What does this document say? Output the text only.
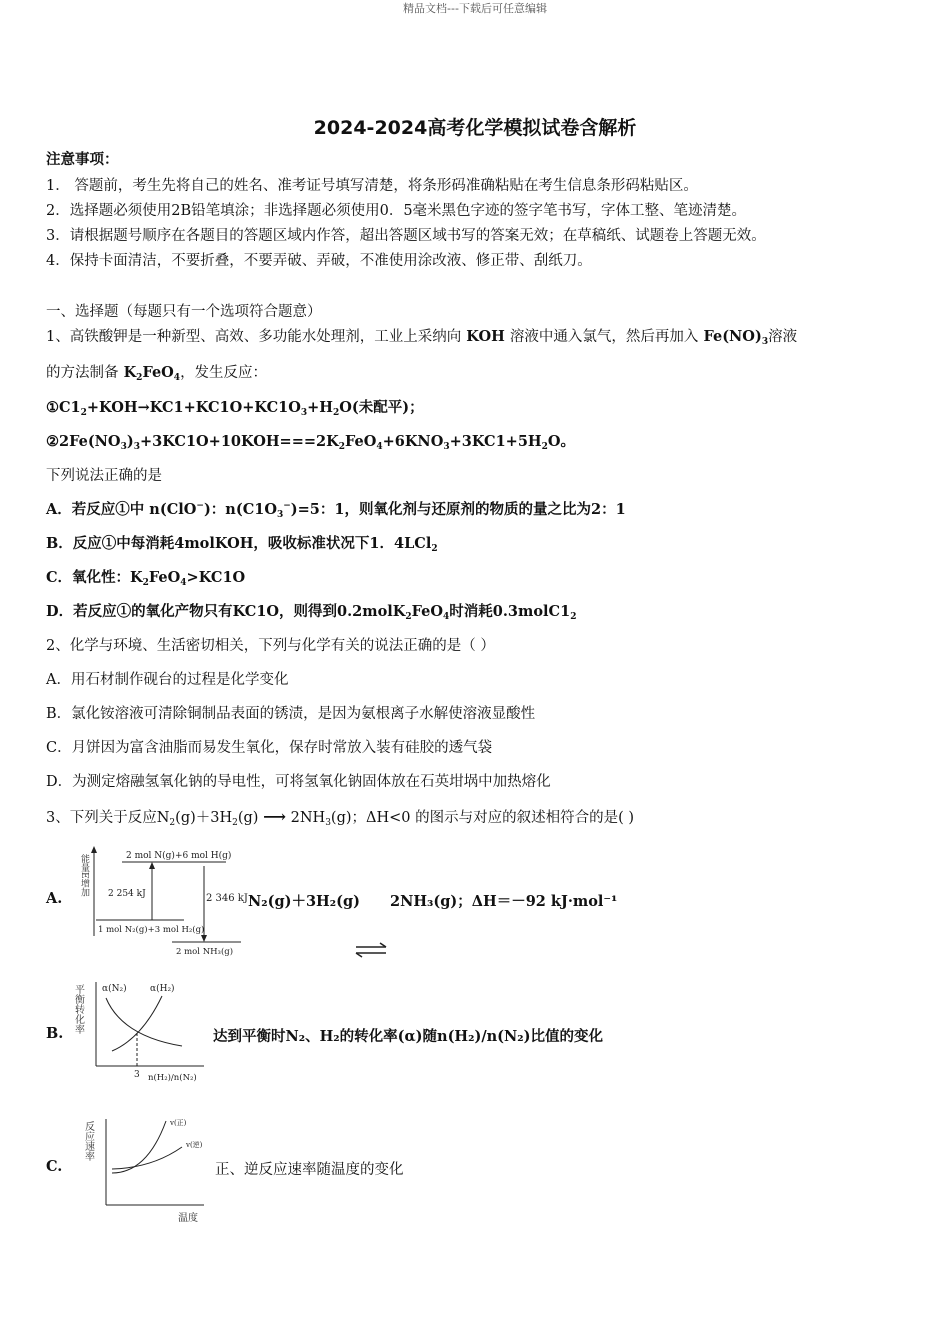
精品文档---下载后可任意编辑
2024-2024高考化学模拟试卷含解析
注意事项：
1． 答题前，考生先将自己的姓名、准考证号填写清楚，将条形码准确粘贴在考生信息条形码粘贴区。
2．选择题必须使用2B铅笔填涂；非选择题必须使用0．5毫米黑色字迹的签字笔书写，字体工整、笔迹清楚。
3．请根据题号顺序在各题目的答题区域内作答，超出答题区域书写的答案无效；在草稿纸、试题卷上答题无效。
4．保持卡面清洁，不要折叠，不要弄破、弄破，不准使用涂改液、修正带、刮纸刀。
一、选择题（每题只有一个选项符合题意）
1、高铁酸钾是一种新型、高效、多功能水处理剂，工业上采纳向 KOH 溶液中通入氯气，然后再加入 $Fe(NO)_3$溶液
的方法制备 $K_2FeO_4$，发生反应：
$①C1_2+KOH\to KC1+KC1O+KC1O_3+H_2O$(未配平)；
$②2Fe(NO_3)_3+3KC1O+10KOH===2K_2FeO_4+6KNO_3+3KC1+5H_2O$。
下列说法正确的是
A．若反应①中 n(ClO−)：$n(C1O_3^-)=5$：1，则氧化剂与还原剂的物质的量之比为2：1
B．反应①中每消耗4molKOH，吸收标准状况下1．4LCl$_2$
C．氧化性：$K_2FeO_4>KC1O$
D．若反应①的氧化产物只有KC1O，则得到0.2molK$_2$FeO$_4$时消耗$0.3molC1_2$
2、化学与环境、生活密切相关，下列与化学有关的说法正确的是（ ）
A．用石材制作砚台的过程是化学变化
B．氯化铵溶液可清除铜制品表面的锈渍，是因为氨根离子水解使溶液显酸性
C．月饼因为富含油脂而易发生氧化，保存时常放入装有硅胶的透气袋
D．为测定熔融氢氧化钠的导电性，可将氢氧化钠固体放在石英坩埚中加热熔化
3、下列关于反应$N_2(g)+3H_2(g)$ ⟶ $2NH_3(g)$；ΔH<0 的图示与对应的叙述相符合的是( )
A.
能量E增加	2 mol N(g)+6 mol H(g)
1 mol N₂(g)+3 mol H₂(g)
2 254 kJ
2 mol NH₃(g)
2 346 kJ N₂(g)＋3H₂(g) 2NH₃(g)；ΔH＝－92 kJ·mol⁻¹
B. 平衡转化率 α(N₂)	α(H₂)
3 n(H₂)/n(N₂)
达到平衡时N₂、H₂的转化率(α)随n(H₂)/n(N₂)比值的变化
C.
反应速率	v(正)
v(逆)
温度
正、逆反应速率随温度的变化
